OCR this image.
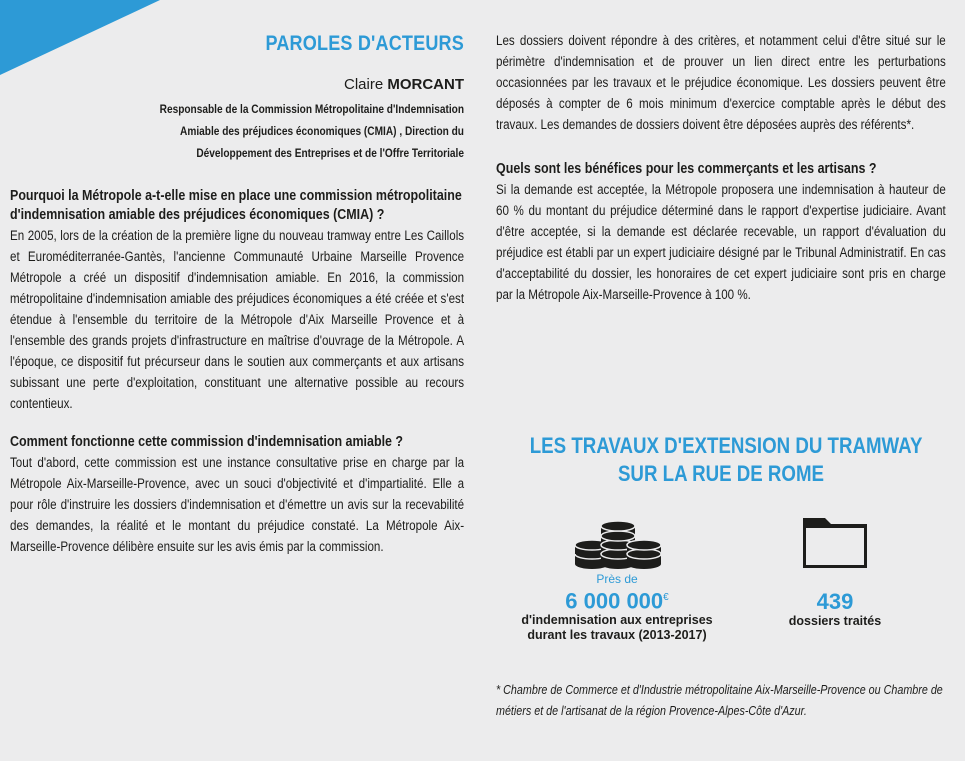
PAROLES D'ACTEURS

Claire MORCANT

Responsable de la Commission Métropolitaine d'Indemnisation

Amiable des préjudices économiques (CMIA) , Direction du

Développement des Entreprises et de l'Offre Territoriale

Pourquoi la Métropole a-t-elle mise en place une commission métropolitaine d'indemnisation amiable des préjudices économiques (CMIA) ?

En 2005, lors de la création de la première ligne du nouveau tramway entre Les Caillols et Euroméditerranée-Gantès, l'ancienne Communauté Urbaine Marseille Provence Métropole a créé un dispositif d'indemnisation amiable. En 2016, la commission métropolitaine d'indemnisation amiable des préjudices économiques a été créée et s'est étendue à l'ensemble du territoire de la Métropole d'Aix Marseille Provence et à l'ensemble des grands projets d'infrastructure en maîtrise d'ouvrage de la Métropole. A l'époque, ce dispositif fut précurseur dans le soutien aux commerçants et aux artisans subissant une perte d'exploitation, constituant une alternative possible au recours contentieux.

Comment fonctionne cette commission d'indemnisation amiable ?

Tout d'abord, cette commission est une instance consultative prise en charge par la Métropole Aix-Marseille-Provence, avec un souci d'objectivité et d'impartialité. Elle a pour rôle d'instruire les dossiers d'indemnisation et d'émettre un avis sur la recevabilité des demandes, la réalité et le montant du préjudice constaté. La Métropole Aix-Marseille-Provence délibère ensuite sur les avis émis par la commission.

Les dossiers doivent répondre à des critères, et notamment celui d'être situé sur le périmètre d'indemnisation et de prouver un lien direct entre les perturbations occasionnées par les travaux et le préjudice économique. Les dossiers peuvent être déposés à compter de 6 mois minimum d'exercice comptable après le début des travaux. Les demandes de dossiers doivent être déposées auprès des référents*.

Quels sont les bénéfices pour les commerçants et les artisans ?

Si la demande est acceptée, la Métropole proposera une indemnisation à hauteur de 60 % du montant du préjudice déterminé dans le rapport d'expertise judiciaire. Avant d'être acceptée, si la demande est déclarée recevable, un rapport d'évaluation du préjudice est établi par un expert judiciaire désigné par le Tribunal Administratif. En cas d'acceptabilité du dossier, les honoraires de cet expert judiciaire sont pris en charge par la Métropole Aix-Marseille-Provence à 100 %.

LES TRAVAUX D'EXTENSION DU TRAMWAY
SUR LA RUE DE ROME

Près de

6 000 000€

d'indemnisation aux entreprises

durant les travaux (2013-2017)

439

dossiers traités

* Chambre de Commerce et d'Industrie métropolitaine Aix-Marseille-Provence ou Chambre de métiers et de l'artisanat de la région Provence-Alpes-Côte d'Azur.
